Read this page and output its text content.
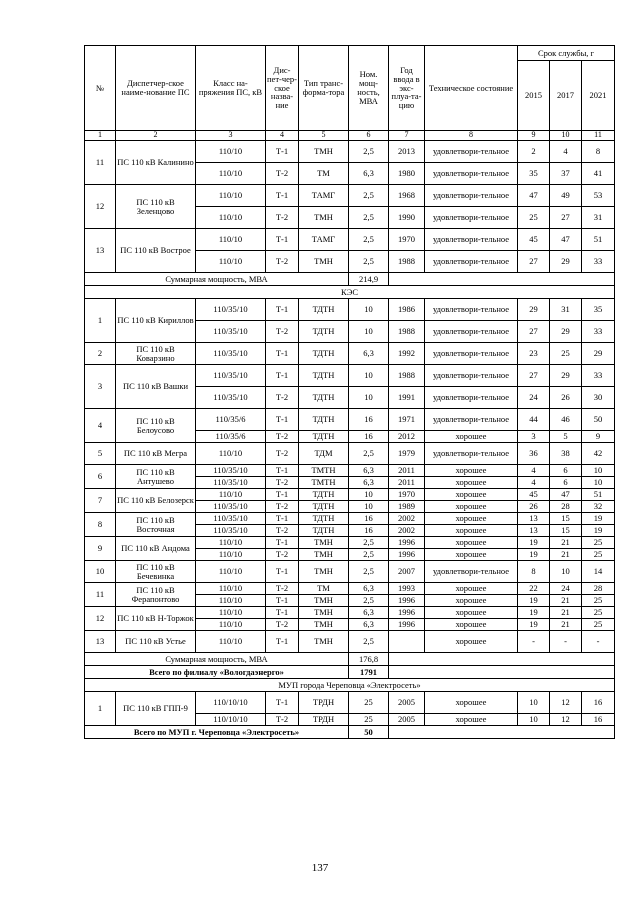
№	Диспетчер-ское наиме-нование ПС	Класс на-пряжения ПС, кВ	Дис-пет-чер-ское назва-ние	Тип транс-форма-тора	Ном. мощ-ность, МВА	Год ввода в экс-плуа-та-цию	Техническое состояние	Срок службы, г		
								2015	2017	2021
1	2	3	4	5	6	7	8	9	10	11
11	ПС 110 кВ Калинино	110/10	Т-1	ТМН	2,5	2013	удовлетвори-тельное	2	4	8
		110/10	Т-2	ТМ	6,3	1980	удовлетвори-тельное	35	37	41
12	ПС 110 кВ Зеленцово	110/10	Т-1	ТАМГ	2,5	1968	удовлетвори-тельное	47	49	53
		110/10	Т-2	ТМН	2,5	1990	удовлетвори-тельное	25	27	31
13	ПС 110 кВ Вострое	110/10	Т-1	ТАМГ	2,5	1970	удовлетвори-тельное	45	47	51
		110/10	Т-2	ТМН	2,5	1988	удовлетвори-тельное	27	29	33
Суммарная мощность, МВА					214,9					
КЭС										
1	ПС 110 кВ Кириллов	110/35/10	Т-1	ТДТН	10	1986	удовлетвори-тельное	29	31	35
		110/35/10	Т-2	ТДТН	10	1988	удовлетвори-тельное	27	29	33
2	ПС 110 кВ Коварзино	110/35/10	Т-1	ТДТН	6,3	1992	удовлетвори-тельное	23	25	29
3	ПС 110 кВ Вашки	110/35/10	Т-1	ТДТН	10	1988	удовлетвори-тельное	27	29	33
		110/35/10	Т-2	ТДТН	10	1991	удовлетвори-тельное	24	26	30
4	ПС 110 кВ Белоусово	110/35/6	Т-1	ТДТН	16	1971	удовлетвори-тельное	44	46	50
		110/35/6	Т-2	ТДТН	16	2012	хорошее	3	5	9
5	ПС 110 кВ Мегра	110/10	Т-2	ТДМ	2,5	1979	удовлетвори-тельное	36	38	42
6	ПС 110 кВ Антушево	110/35/10	Т-1	ТМТН	6,3	2011	хорошее	4	6	10
		110/35/10	Т-2	ТМТН	6,3	2011	хорошее	4	6	10
7	ПС 110 кВ Белозерск	110/10	Т-1	ТДТН	10	1970	хорошее	45	47	51
		110/35/10	Т-2	ТДТН	10	1989	хорошее	26	28	32
8	ПС 110 кВ Восточная	110/35/10	Т-1	ТДТН	16	2002	хорошее	13	15	19
		110/35/10	Т-2	ТДТН	16	2002	хорошее	13	15	19
9	ПС 110 кВ Андома	110/10	Т-1	ТМН	2,5	1996	хорошее	19	21	25
		110/10	Т-2	ТМН	2,5	1996	хорошее	19	21	25
10	ПС 110 кВ Бечевинка	110/10	Т-1	ТМН	2,5	2007	удовлетвори-тельное	8	10	14
11	ПС 110 кВ Ферапонтово	110/10	Т-2	ТМ	6,3	1993	хорошее	22	24	28
		110/10	Т-1	ТМН	2,5	1996	хорошее	19	21	25
12	ПС 110 кВ Н-Торжок	110/10	Т-1	ТМН	6,3	1996	хорошее	19	21	25
		110/10	Т-2	ТМН	6,3	1996	хорошее	19	21	25
13	ПС 110 кВ Устье	110/10	Т-1	ТМН	2,5		хорошее	-	-	-
Суммарная мощность, МВА					176,8					
Всего по филиалу «Вологдаэнерго»					1791					
МУП города Череповца «Электросеть»										
1	ПС 110 кВ ГПП-9	110/10/10	Т-1	ТРДН	25	2005	хорошее	10	12	16
		110/10/10	Т-2	ТРДН	25	2005	хорошее	10	12	16
Всего по МУП г. Череповца «Электросеть»					50					
137
